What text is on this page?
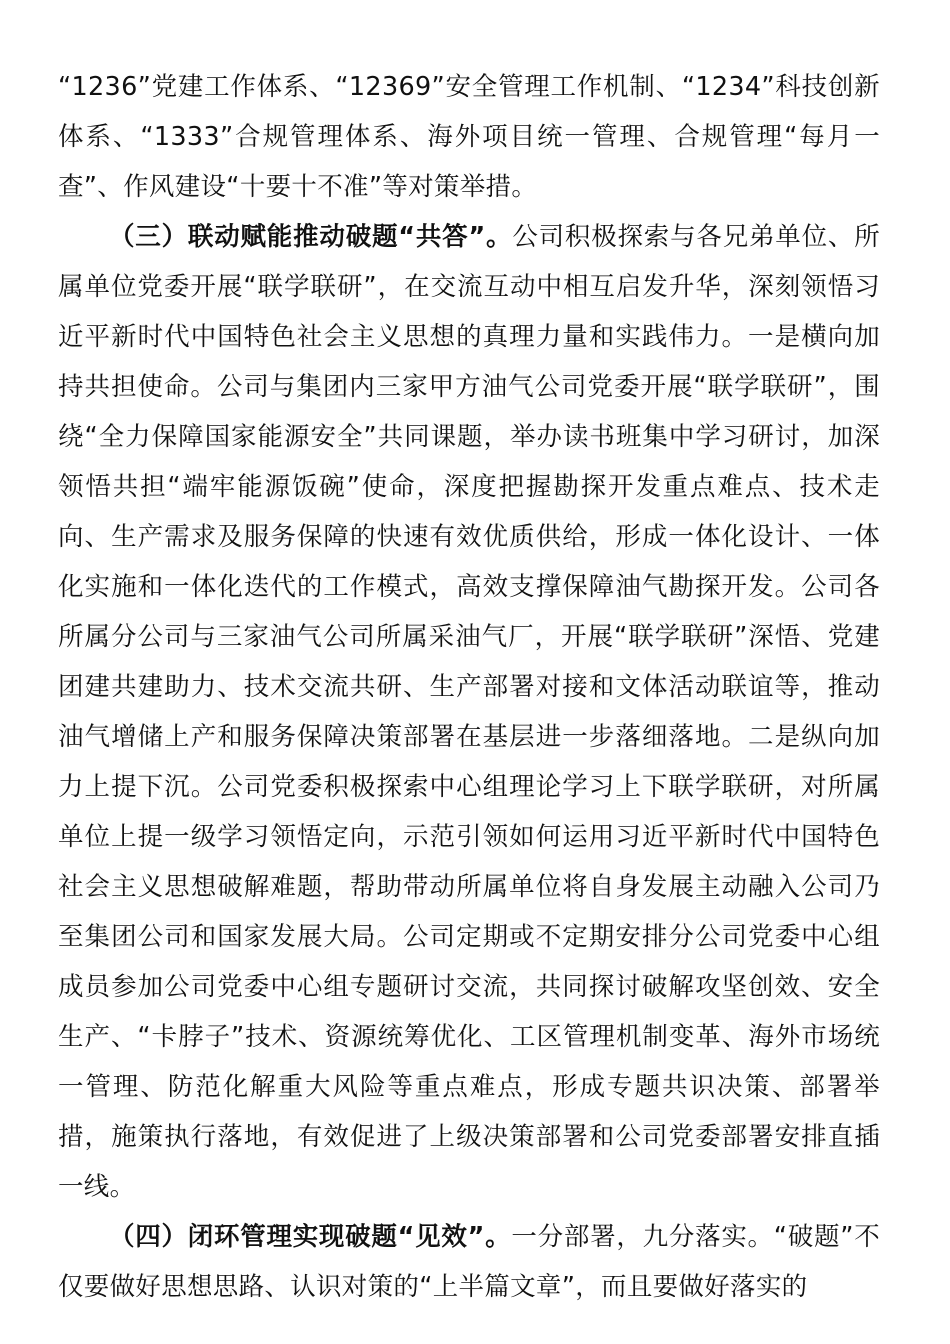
“1236”党建工作体系、“12369”安全管理工作机制、“1234”科技创新体系、“1333”合规管理体系、海外项目统一管理、合规管理“每月一查”、作风建设“十要十不准”等对策举措。

（三）联动赋能推动破题“共答”。公司积极探索与各兄弟单位、所属单位党委开展“联学联研”，在交流互动中相互启发升华，深刻领悟习近平新时代中国特色社会主义思想的真理力量和实践伟力。一是横向加持共担使命。公司与集团内三家甲方油气公司党委开展“联学联研”，围绕“全力保障国家能源安全”共同课题，举办读书班集中学习研讨，加深领悟共担“端牢能源饭碗”使命，深度把握勘探开发重点难点、技术走向、生产需求及服务保障的快速有效优质供给，形成一体化设计、一体化实施和一体化迭代的工作模式，高效支撑保障油气勘探开发。公司各所属分公司与三家油气公司所属采油气厂，开展“联学联研”深悟、党建团建共建助力、技术交流共研、生产部署对接和文体活动联谊等，推动油气增储上产和服务保障决策部署在基层进一步落细落地。二是纵向加力上提下沉。公司党委积极探索中心组理论学习上下联学联研，对所属单位上提一级学习领悟定向，示范引领如何运用习近平新时代中国特色社会主义思想破解难题，帮助带动所属单位将自身发展主动融入公司乃至集团公司和国家发展大局。公司定期或不定期安排分公司党委中心组成员参加公司党委中心组专题研讨交流，共同探讨破解攻坚创效、安全生产、“卡脖子”技术、资源统筹优化、工区管理机制变革、海外市场统一管理、防范化解重大风险等重点难点，形成专题共识决策、部署举措，施策执行落地，有效促进了上级决策部署和公司党委部署安排直插一线。

（四）闭环管理实现破题“见效”。一分部署，九分落实。“破题”不仅要做好思想思路、认识对策的“上半篇文章”，而且要做好落实的
